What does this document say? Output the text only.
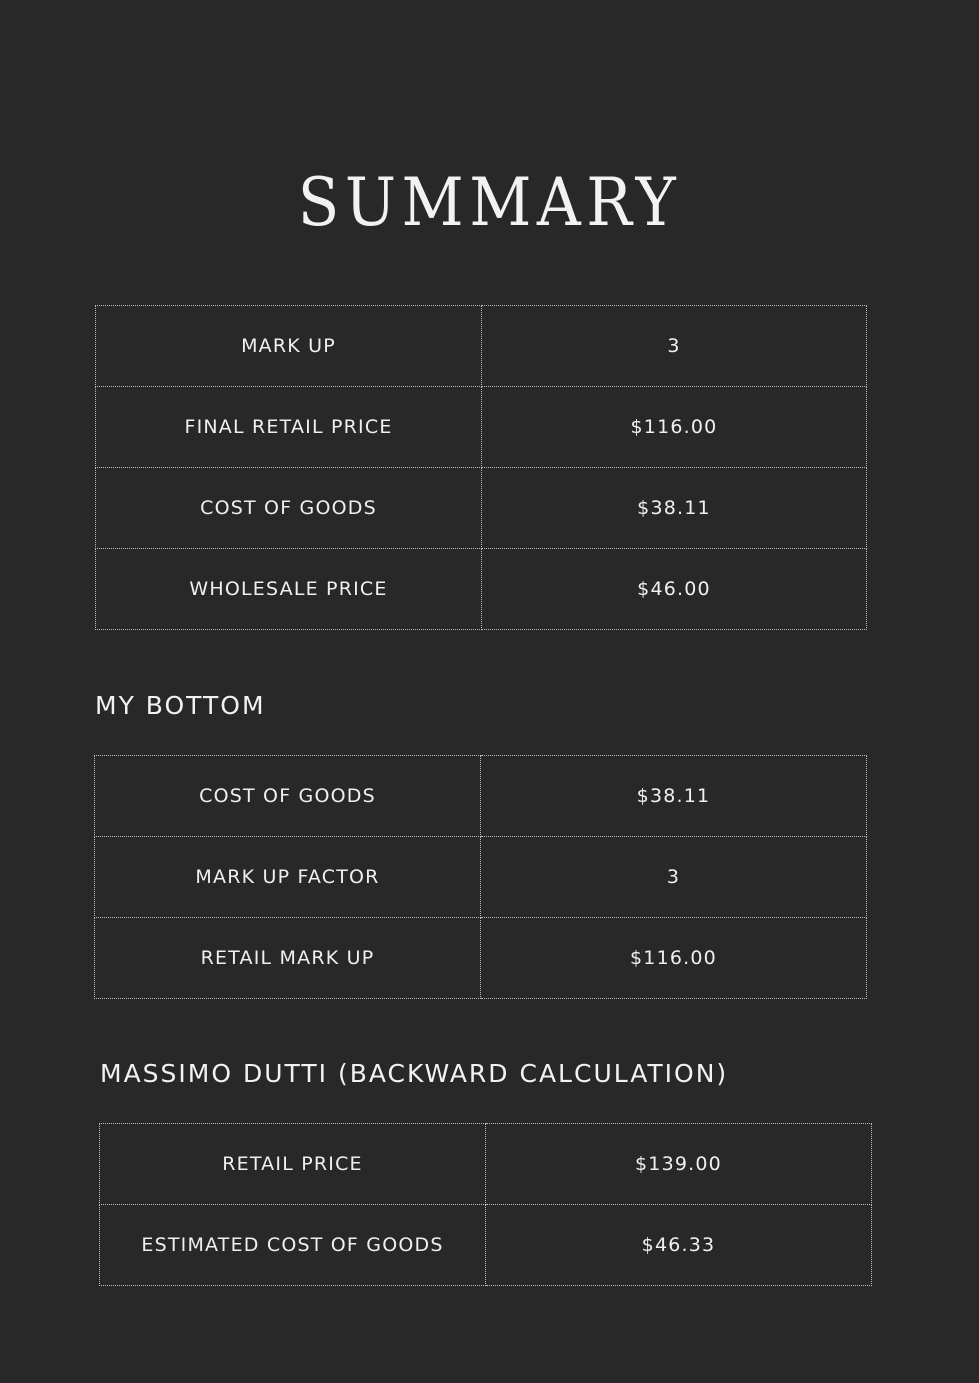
SUMMARY
MARK UP	3
FINAL RETAIL PRICE	$116.00
COST OF GOODS	$38.11
WHOLESALE PRICE	$46.00
MY BOTTOM
COST OF GOODS	$38.11
MARK UP FACTOR	3
RETAIL MARK UP	$116.00
MASSIMO DUTTI (BACKWARD CALCULATION)
RETAIL PRICE	$139.00
ESTIMATED COST OF GOODS	$46.33
